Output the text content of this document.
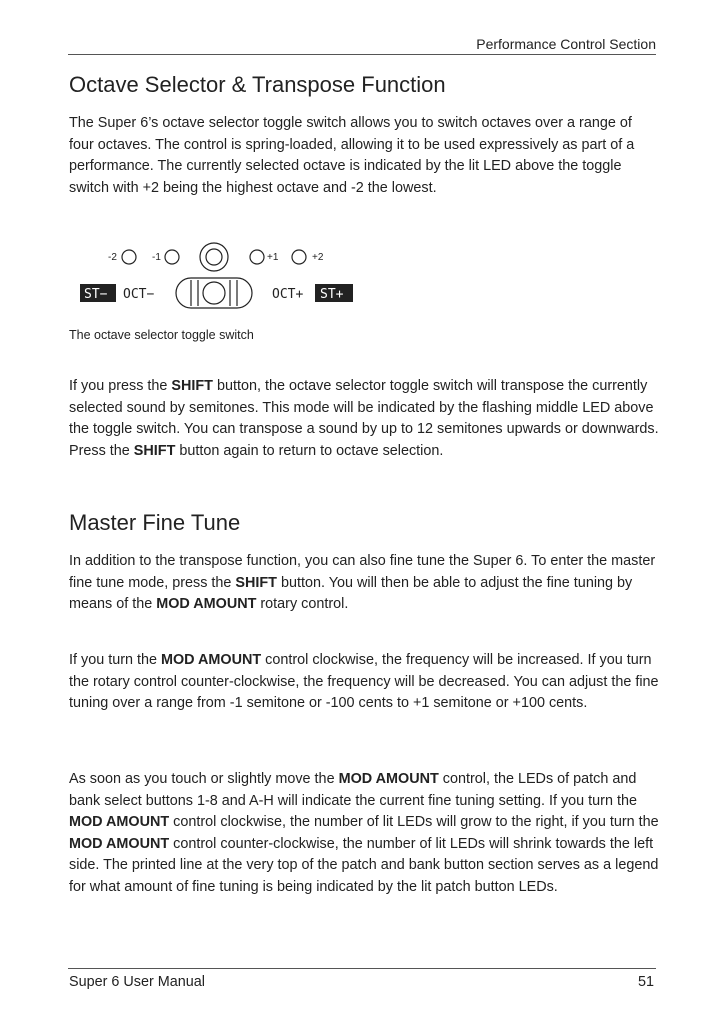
Performance Control Section
Octave Selector & Transpose Function

The Super 6’s octave selector toggle switch allows you to switch octaves over a range of four octaves. The control is spring-loaded, allowing it to be used expressively as part of a performance. The currently selected octave is indicated by the lit LED above the toggle switch with +2 being the highest octave and -2 the lowest.

-2	-1	+1	+2
ST− OCT−	OCT+ ST+
The octave selector toggle switch

If you press the SHIFT button, the octave selector toggle switch will transpose the currently selected sound by semitones. This mode will be indicated by the flashing middle LED above the toggle switch. You can transpose a sound by up to 12 semitones upwards or downwards. Press the SHIFT button again to return to octave selection.

Master Fine Tune

In addition to the transpose function, you can also fine tune the Super 6. To enter the master fine tune mode, press the SHIFT button. You will then be able to adjust the fine tuning by means of the MOD AMOUNT rotary control.

If you turn the MOD AMOUNT control clockwise, the frequency will be increased. If you turn the rotary control counter-clockwise, the frequency will be decreased. You can adjust the fine tuning over a range from -1 semitone or -100 cents to +1 semitone or +100 cents.

As soon as you touch or slightly move the MOD AMOUNT control, the LEDs of patch and bank select buttons 1-8 and A-H will indicate the current fine tuning setting. If you turn the MOD AMOUNT control clockwise, the number of lit LEDs will grow to the right, if you turn the MOD AMOUNT control counter-clockwise, the number of lit LEDs will shrink towards the left side. The printed line at the very top of the patch and bank button section serves as a legend for what amount of fine tuning is being indicated by the lit patch button LEDs.

Super 6 User Manual	51
